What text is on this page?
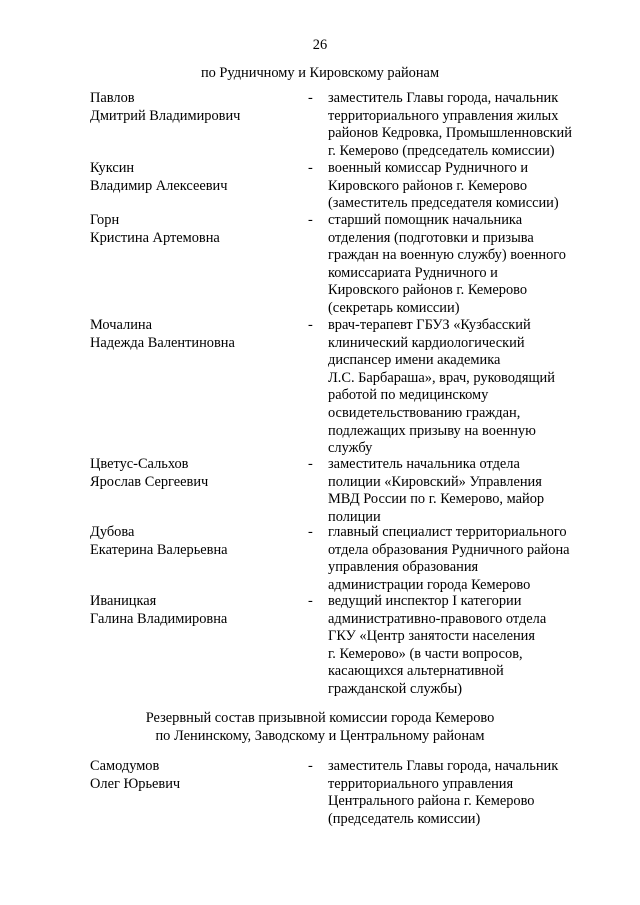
26
по Рудничному и Кировскому районам
Павлов
Дмитрий Владимирович
-	заместитель Главы города, начальник
территориального управления жилых
районов Кедровка, Промышленновский
г. Кемерово (председатель комиссии)
Куксин
Владимир Алексеевич
-	военный комиссар Рудничного и
Кировского районов г. Кемерово
(заместитель председателя комиссии)
Горн
Кристина Артемовна
-	старший помощник начальника
отделения (подготовки и призыва
граждан на военную службу) военного
комиссариата Рудничного и
Кировского районов г. Кемерово
(секретарь комиссии)
Мочалина
Надежда Валентиновна
-	врач-терапевт ГБУЗ «Кузбасский
клинический кардиологический
диспансер имени академика
Л.С. Барбараша», врач, руководящий
работой по медицинскому
освидетельствованию граждан,
подлежащих призыву на военную
службу
Цветус-Сальхов
Ярослав Сергеевич
-	заместитель начальника отдела
полиции «Кировский» Управления
МВД России по г. Кемерово, майор
полиции
Дубова
Екатерина Валерьевна
-	главный специалист территориального
отдела образования Рудничного района
управления образования
администрации города Кемерово
Иваницкая
Галина Владимировна
-	ведущий инспектор I категории
административно-правового отдела
ГКУ «Центр занятости населения
г. Кемерово» (в части вопросов,
касающихся альтернативной
гражданской службы)
Резервный состав призывной комиссии города Кемерово
по Ленинскому, Заводскому и Центральному районам
Самодумов
Олег Юрьевич
-	заместитель Главы города, начальник
территориального управления
Центрального района г. Кемерово
(председатель комиссии)
